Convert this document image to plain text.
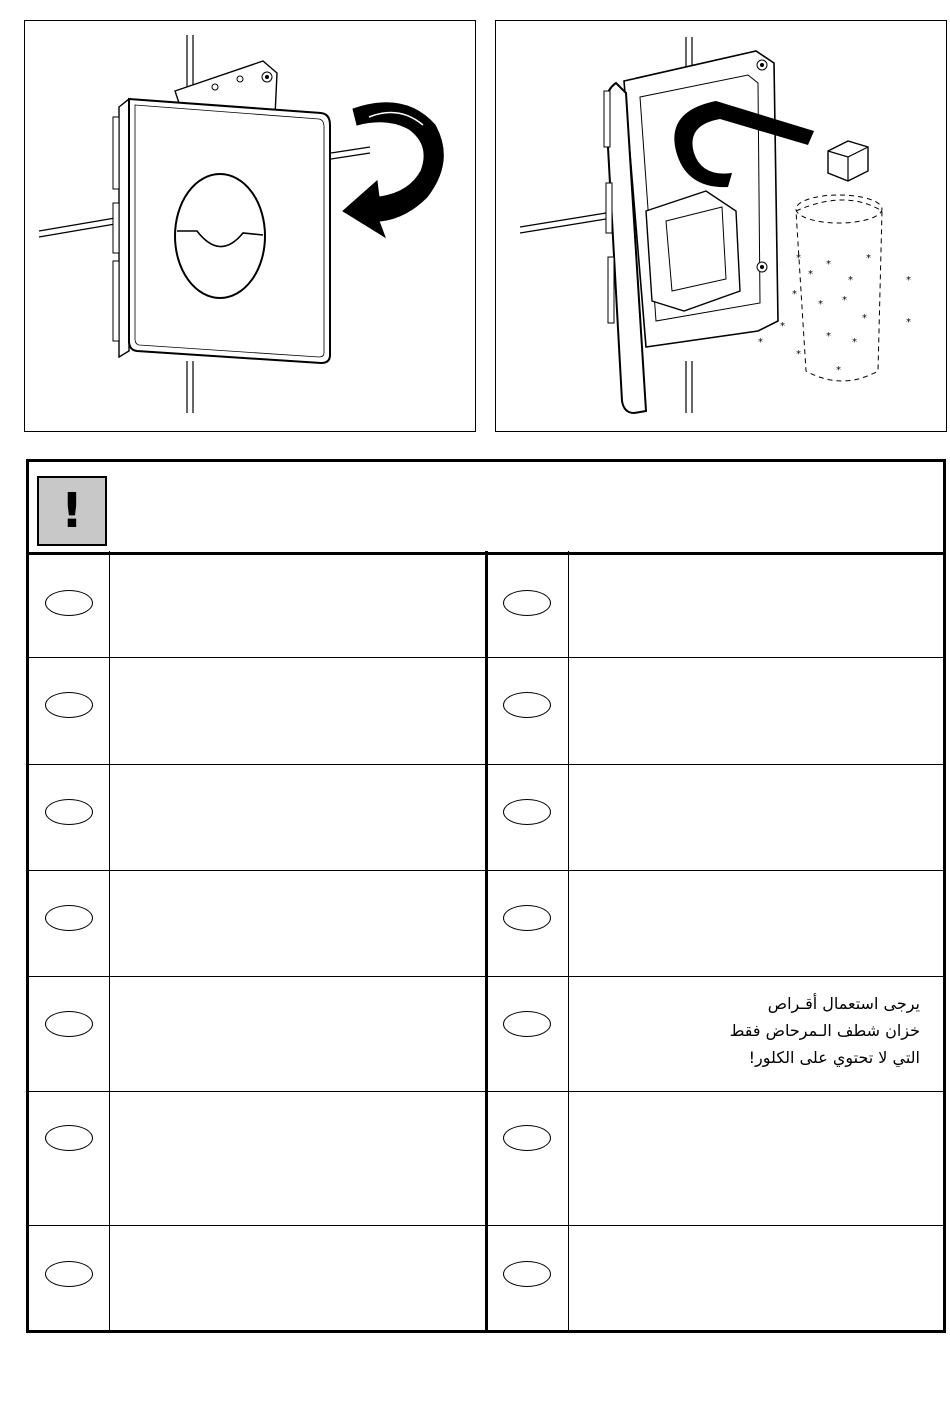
*
*
*
*
*
*
* *
*
*
*
*
*
*
*
*
*
!
يرجى استعمال أقـراص
خزان شطف الـمرحاض فقط
التي لا تحتوي على الكلور!
